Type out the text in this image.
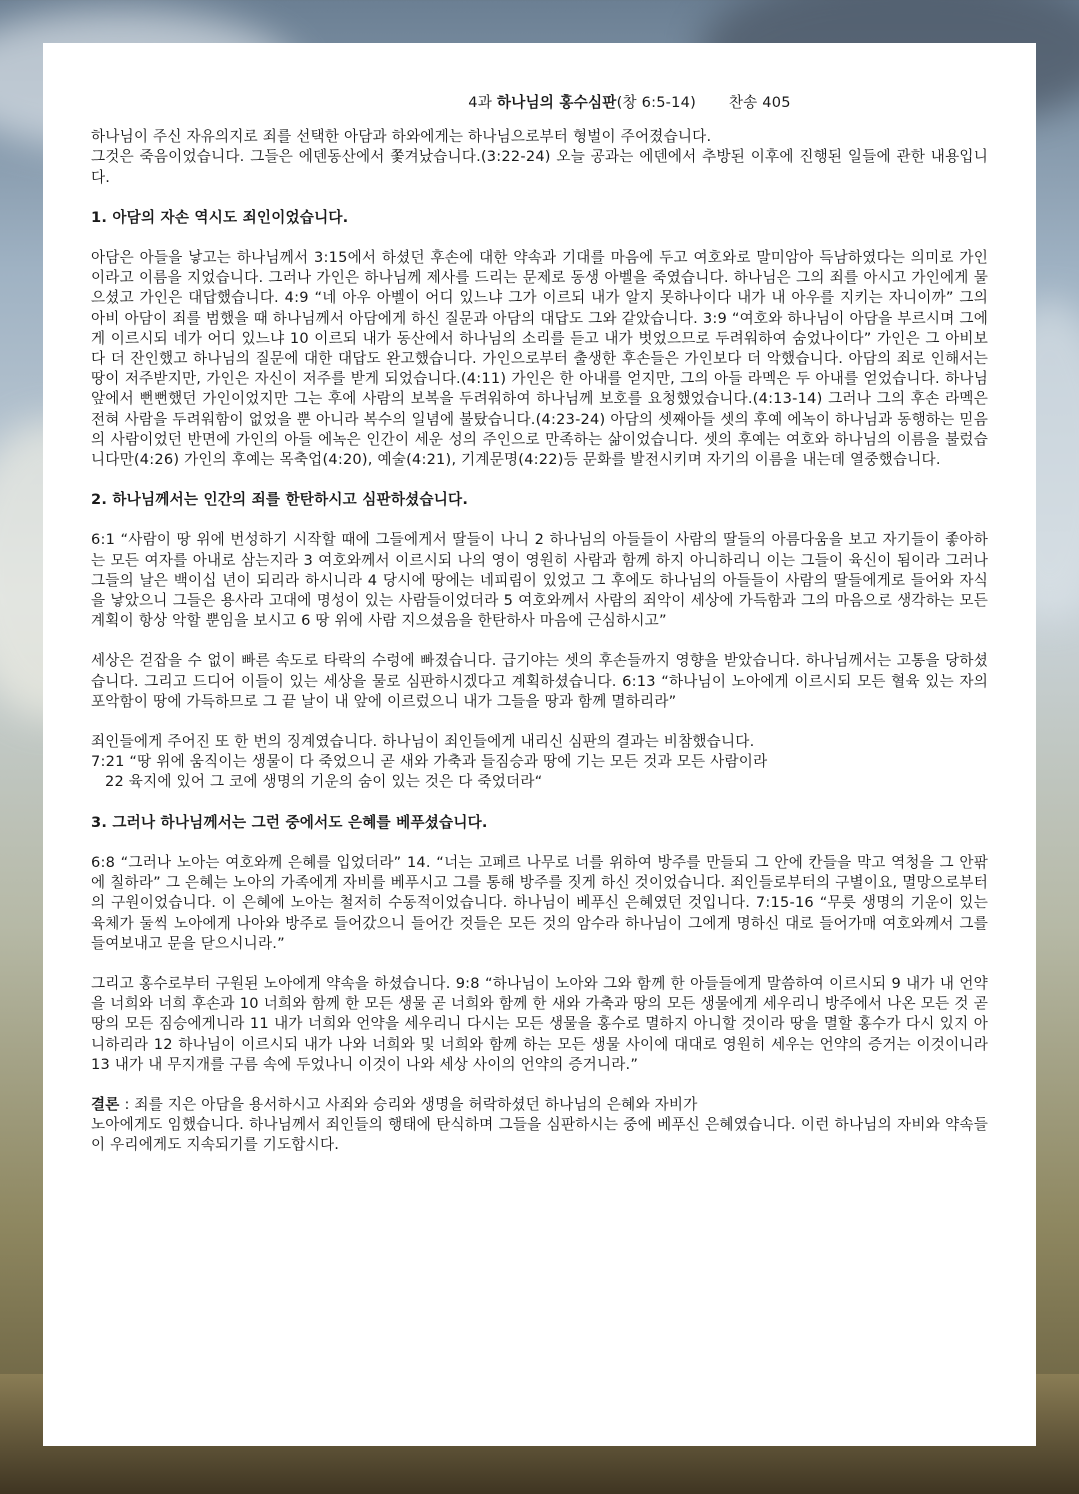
4과 하나님의 홍수심판(창 6:5-14) 찬송 405

하나님이 주신 자유의지로 죄를 선택한 아담과 하와에게는 하나님으로부터 형벌이 주어졌습니다.

그것은 죽음이었습니다. 그들은 에덴동산에서 쫓겨났습니다.(3:22-24) 오늘 공과는 에덴에서 추방된 이후에 진행된 일들에 관한 내용입니다.

1. 아담의 자손 역시도 죄인이었습니다.

아담은 아들을 낳고는 하나님께서 3:15에서 하셨던 후손에 대한 약속과 기대를 마음에 두고 여호와로 말미암아 득남하였다는 의미로 가인이라고 이름을 지었습니다. 그러나 가인은 하나님께 제사를 드리는 문제로 동생 아벨을 죽였습니다. 하나님은 그의 죄를 아시고 가인에게 물으셨고 가인은 대답했습니다. 4:9 “네 아우 아벨이 어디 있느냐 그가 이르되 내가 알지 못하나이다 내가 내 아우를 지키는 자니이까” 그의 아비 아담이 죄를 범했을 때 하나님께서 아담에게 하신 질문과 아담의 대답도 그와 같았습니다. 3:9 “여호와 하나님이 아담을 부르시며 그에게 이르시되 네가 어디 있느냐 10 이르되 내가 동산에서 하나님의 소리를 듣고 내가 벗었으므로 두려워하여 숨었나이다” 가인은 그 아비보다 더 잔인했고 하나님의 질문에 대한 대답도 완고했습니다. 가인으로부터 출생한 후손들은 가인보다 더 악했습니다. 아담의 죄로 인해서는 땅이 저주받지만, 가인은 자신이 저주를 받게 되었습니다.(4:11) 가인은 한 아내를 얻지만, 그의 아들 라멕은 두 아내를 얻었습니다. 하나님 앞에서 뻔뻔했던 가인이었지만 그는 후에 사람의 보복을 두려워하여 하나님께 보호를 요청했었습니다.(4:13-14) 그러나 그의 후손 라멕은 전혀 사람을 두려워함이 없었을 뿐 아니라 복수의 일념에 불탔습니다.(4:23-24) 아담의 셋째아들 셋의 후예 에녹이 하나님과 동행하는 믿음의 사람이었던 반면에 가인의 아들 에녹은 인간이 세운 성의 주인으로 만족하는 삶이었습니다. 셋의 후예는 여호와 하나님의 이름을 불렀습니다만(4:26) 가인의 후예는 목축업(4:20), 예술(4:21), 기계문명(4:22)등 문화를 발전시키며 자기의 이름을 내는데 열중했습니다.

2. 하나님께서는 인간의 죄를 한탄하시고 심판하셨습니다.

6:1 “사람이 땅 위에 번성하기 시작할 때에 그들에게서 딸들이 나니 2 하나님의 아들들이 사람의 딸들의 아름다움을 보고 자기들이 좋아하는 모든 여자를 아내로 삼는지라 3 여호와께서 이르시되 나의 영이 영원히 사람과 함께 하지 아니하리니 이는 그들이 육신이 됨이라 그러나 그들의 날은 백이십 년이 되리라 하시니라 4 당시에 땅에는 네피림이 있었고 그 후에도 하나님의 아들들이 사람의 딸들에게로 들어와 자식을 낳았으니 그들은 용사라 고대에 명성이 있는 사람들이었더라 5 여호와께서 사람의 죄악이 세상에 가득함과 그의 마음으로 생각하는 모든 계획이 항상 악할 뿐임을 보시고 6 땅 위에 사람 지으셨음을 한탄하사 마음에 근심하시고”

세상은 걷잡을 수 없이 빠른 속도로 타락의 수렁에 빠졌습니다. 급기야는 셋의 후손들까지 영향을 받았습니다. 하나님께서는 고통을 당하셨습니다. 그리고 드디어 이들이 있는 세상을 물로 심판하시겠다고 계획하셨습니다. 6:13 “하나님이 노아에게 이르시되 모든 혈육 있는 자의 포악함이 땅에 가득하므로 그 끝 날이 내 앞에 이르렀으니 내가 그들을 땅과 함께 멸하리라”

죄인들에게 주어진 또 한 번의 징계였습니다. 하나님이 죄인들에게 내리신 심판의 결과는 비참했습니다.

7:21 “땅 위에 움직이는 생물이 다 죽었으니 곧 새와 가축과 들짐승과 땅에 기는 모든 것과 모든 사람이라

22 육지에 있어 그 코에 생명의 기운의 숨이 있는 것은 다 죽었더라“

3. 그러나 하나님께서는 그런 중에서도 은혜를 베푸셨습니다.

6:8 “그러나 노아는 여호와께 은혜를 입었더라” 14. “너는 고페르 나무로 너를 위하여 방주를 만들되 그 안에 칸들을 막고 역청을 그 안팎에 칠하라” 그 은혜는 노아의 가족에게 자비를 베푸시고 그를 통해 방주를 짓게 하신 것이었습니다. 죄인들로부터의 구별이요, 멸망으로부터의 구원이었습니다. 이 은혜에 노아는 철저히 수동적이었습니다. 하나님이 베푸신 은혜였던 것입니다. 7:15-16 “무릇 생명의 기운이 있는 육체가 둘씩 노아에게 나아와 방주로 들어갔으니 들어간 것들은 모든 것의 암수라 하나님이 그에게 명하신 대로 들어가매 여호와께서 그를 들여보내고 문을 닫으시니라.”

그리고 홍수로부터 구원된 노아에게 약속을 하셨습니다. 9:8 “하나님이 노아와 그와 함께 한 아들들에게 말씀하여 이르시되 9 내가 내 언약을 너희와 너희 후손과 10 너희와 함께 한 모든 생물 곧 너희와 함께 한 새와 가축과 땅의 모든 생물에게 세우리니 방주에서 나온 모든 것 곧 땅의 모든 짐승에게니라 11 내가 너희와 언약을 세우리니 다시는 모든 생물을 홍수로 멸하지 아니할 것이라 땅을 멸할 홍수가 다시 있지 아니하리라 12 하나님이 이르시되 내가 나와 너희와 및 너희와 함께 하는 모든 생물 사이에 대대로 영원히 세우는 언약의 증거는 이것이니라 13 내가 내 무지개를 구름 속에 두었나니 이것이 나와 세상 사이의 언약의 증거니라.”

결론 : 죄를 지은 아담을 용서하시고 사죄와 승리와 생명을 허락하셨던 하나님의 은혜와 자비가

노아에게도 임했습니다. 하나님께서 죄인들의 행태에 탄식하며 그들을 심판하시는 중에 베푸신 은혜였습니다. 이런 하나님의 자비와 약속들이 우리에게도 지속되기를 기도합시다.
